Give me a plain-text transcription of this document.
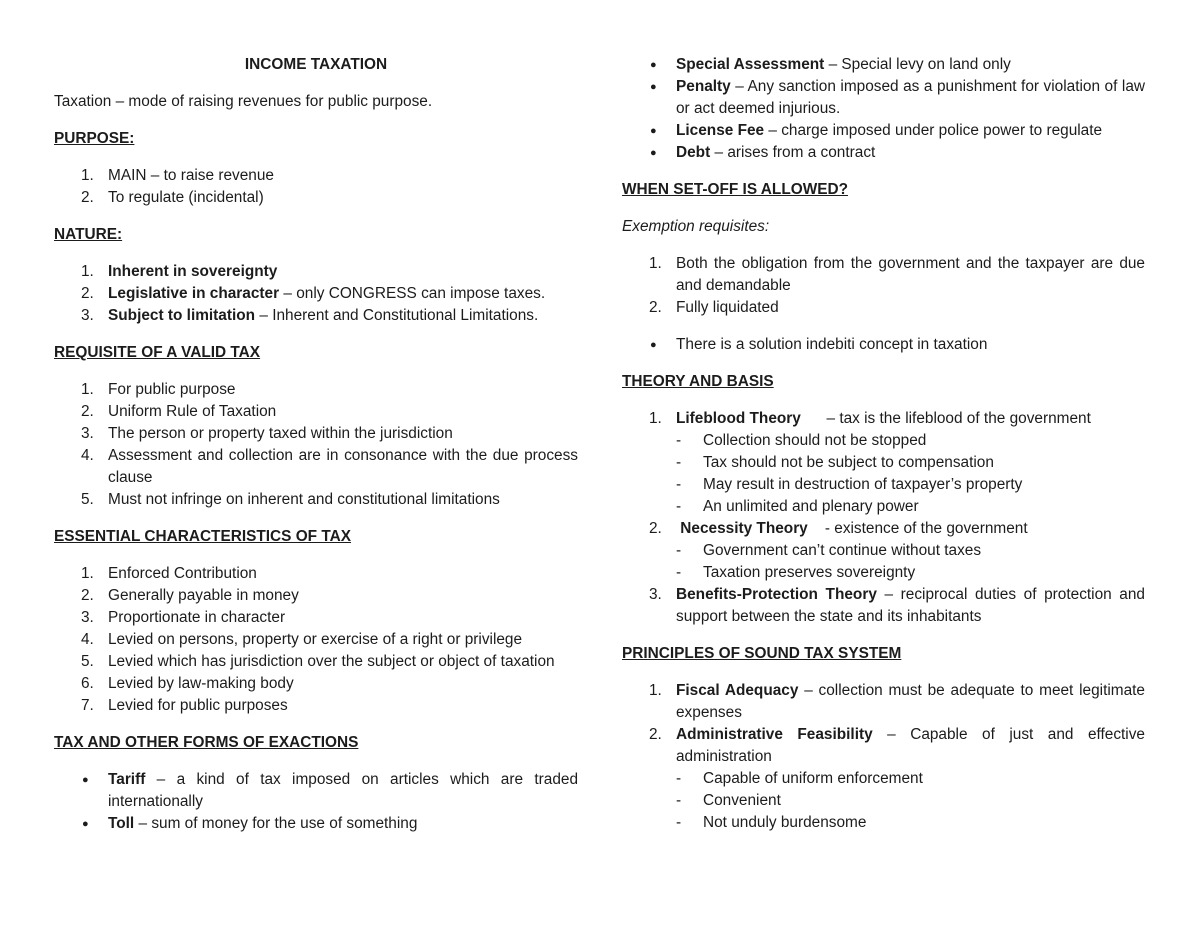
INCOME TAXATION

Taxation – mode of raising revenues for public purpose.

PURPOSE:
1. MAIN – to raise revenue
2. To regulate (incidental)
NATURE:
1. Inherent in sovereignty
2. Legislative in character – only CONGRESS can impose taxes.
3. Subject to limitation – Inherent and Constitutional Limitations.
REQUISITE OF A VALID TAX
1. For public purpose
2. Uniform Rule of Taxation
3. The person or property taxed within the jurisdiction
4. Assessment and collection are in consonance with the due process clause
5. Must not infringe on inherent and constitutional limitations
ESSENTIAL CHARACTERISTICS OF TAX
1. Enforced Contribution
2. Generally payable in money
3. Proportionate in character
4. Levied on persons, property or exercise of a right or privilege
5. Levied which has jurisdiction over the subject or object of taxation
6. Levied by law-making body
7. Levied for public purposes
TAX AND OTHER FORMS OF EXACTIONS
● Tariff – a kind of tax imposed on articles which are traded internationally
● Toll – sum of money for the use of something
● Special Assessment – Special levy on land only
● Penalty – Any sanction imposed as a punishment for violation of law or act deemed injurious.
● License Fee – charge imposed under police power to regulate
● Debt – arises from a contract
WHEN SET-OFF IS ALLOWED?

Exemption requisites:

1. Both the obligation from the government and the taxpayer are due and demandable
2. Fully liquidated
● There is a solution indebiti concept in taxation
THEORY AND BASIS
1. Lifeblood Theory      – tax is the lifeblood of the government
- Collection should not be stopped
- Tax should not be subject to compensation
- May result in destruction of taxpayer’s property
- An unlimited and plenary power
2. Necessity Theory    - existence of the government
- Government can’t continue without taxes
- Taxation preserves sovereignty
3. Benefits-Protection Theory – reciprocal duties of protection and support between the state and its inhabitants
PRINCIPLES OF SOUND TAX SYSTEM
1. Fiscal Adequacy – collection must be adequate to meet legitimate expenses
2. Administrative Feasibility – Capable of just and effective administration
- Capable of uniform enforcement
- Convenient
- Not unduly burdensome
